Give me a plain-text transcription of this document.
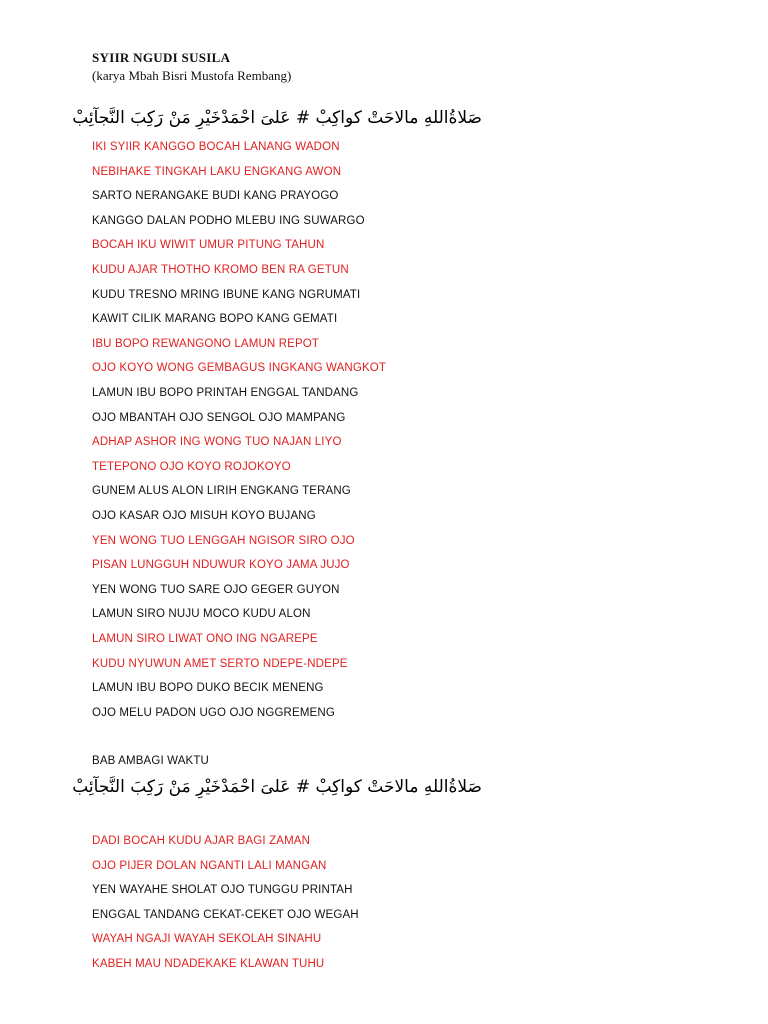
SYIIR NGUDI SUSILA
(karya Mbah Bisri Mustofa Rembang)
صَلاةُاللهِ مالاحَتْ كواكِبْ # عَلىَ احْمَدْخَيْرِ مَنْ رَكِبَ النَّجآئِبْ
IKI SYIIR KANGGO BOCAH LANANG WADON
NEBIHAKE TINGKAH LAKU ENGKANG AWON
SARTO NERANGAKE BUDI KANG PRAYOGO
KANGGO DALAN PODHO MLEBU ING SUWARGO
BOCAH IKU WIWIT UMUR PITUNG TAHUN
KUDU AJAR THOTHO KROMO BEN RA GETUN
KUDU TRESNO MRING IBUNE KANG NGRUMATI
KAWIT CILIK MARANG BOPO KANG GEMATI
IBU BOPO REWANGONO LAMUN REPOT
OJO KOYO WONG GEMBAGUS INGKANG WANGKOT
LAMUN IBU BOPO PRINTAH ENGGAL TANDANG
OJO MBANTAH OJO SENGOL OJO MAMPANG
ADHAP ASHOR ING WONG TUO NAJAN LIYO
TETEPONO OJO KOYO ROJOKOYO
GUNEM ALUS ALON LIRIH ENGKANG TERANG
OJO KASAR OJO MISUH KOYO BUJANG
YEN WONG TUO LENGGAH NGISOR SIRO OJO
PISAN LUNGGUH NDUWUR KOYO JAMA JUJO
YEN WONG TUO SARE OJO GEGER GUYON
LAMUN SIRO NUJU MOCO KUDU ALON
LAMUN SIRO LIWAT ONO ING NGAREPE
KUDU NYUWUN AMET SERTO NDEPE-NDEPE
LAMUN IBU BOPO DUKO BECIK MENENG
OJO MELU PADON UGO OJO NGGREMENG
BAB AMBAGI WAKTU
صَلاةُاللهِ مالاحَتْ كواكِبْ # عَلىَ احْمَدْخَيْرِ مَنْ رَكِبَ النَّجآئِبْ
DADI BOCAH KUDU AJAR BAGI ZAMAN
OJO PIJER DOLAN NGANTI LALI MANGAN
YEN WAYAHE SHOLAT OJO TUNGGU PRINTAH
ENGGAL TANDANG CEKAT-CEKET OJO WEGAH
WAYAH NGAJI WAYAH SEKOLAH SINAHU
KABEH MAU NDADEKAKE KLAWAN TUHU
